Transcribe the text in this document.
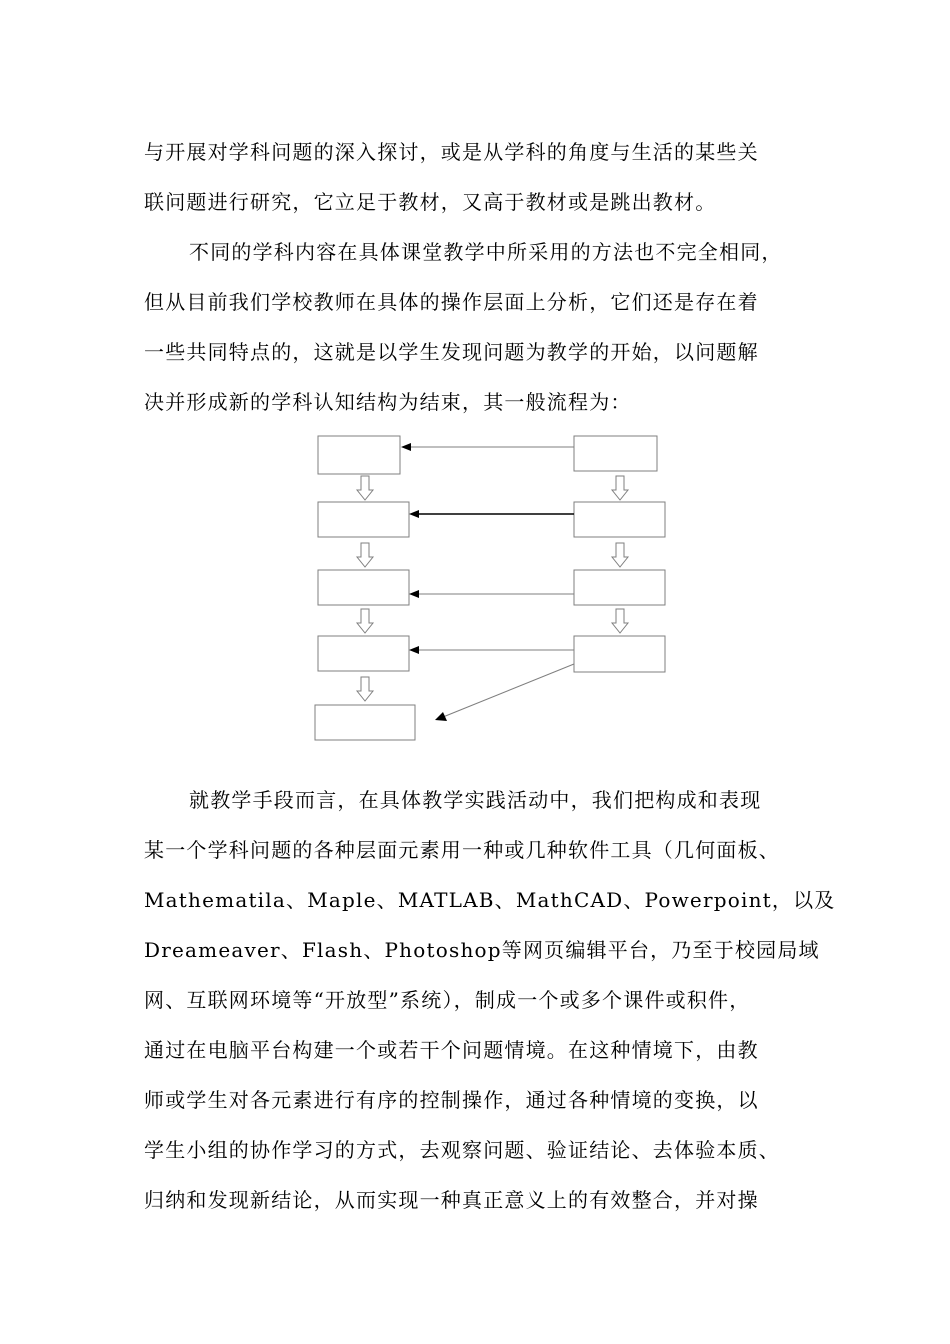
与开展对学科问题的深入探讨，或是从学科的角度与生活的某些关
联问题进行研究，它立足于教材，又高于教材或是跳出教材。
不同的学科内容在具体课堂教学中所采用的方法也不完全相同，
但从目前我们学校教师在具体的操作层面上分析，它们还是存在着
一些共同特点的，这就是以学生发现问题为教学的开始，以问题解
决并形成新的学科认知结构为结束，其一般流程为：
就教学手段而言，在具体教学实践活动中，我们把构成和表现
某一个学科问题的各种层面元素用一种或几种软件工具（几何面板、
Mathematila、Maple、MATLAB、MathCAD、Powerpoint，以及
Dreameaver、Flash、Photoshop等网页编辑平台，乃至于校园局域
网、互联网环境等“开放型”系统），制成一个或多个课件或积件，
通过在电脑平台构建一个或若干个问题情境。在这种情境下，由教
师或学生对各元素进行有序的控制操作，通过各种情境的变换，以
学生小组的协作学习的方式，去观察问题、验证结论、去体验本质、
归纳和发现新结论，从而实现一种真正意义上的有效整合，并对操
